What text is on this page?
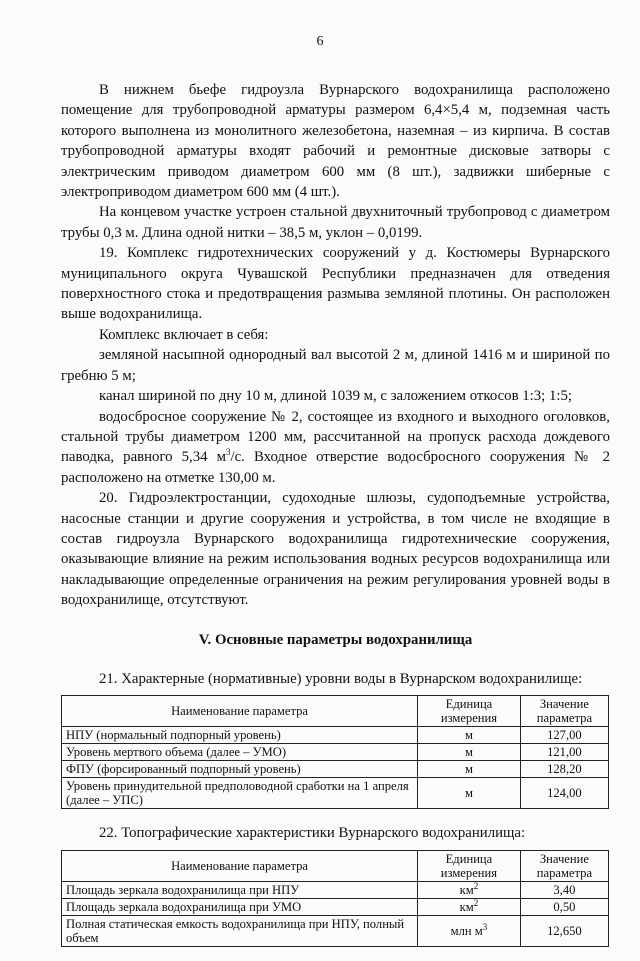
6

В нижнем бьефе гидроузла Вурнарского водохранилища расположено помещение для трубопроводной арматуры размером 6,4×5,4 м, подземная часть которого выполнена из монолитного железобетона, наземная – из кирпича. В состав трубопроводной арматуры входят рабочий и ремонтные дисковые затворы с электрическим приводом диаметром 600 мм (8 шт.), задвижки шиберные с электроприводом диаметром 600 мм (4 шт.).

На концевом участке устроен стальной двухниточный трубопровод с диаметром трубы 0,3 м. Длина одной нитки – 38,5 м, уклон – 0,0199.

19. Комплекс гидротехнических сооружений у д. Костюмеры Вурнарского муниципального округа Чувашской Республики предназначен для отведения поверхностного стока и предотвращения размыва земляной плотины. Он расположен выше водохранилища.

Комплекс включает в себя:

земляной насыпной однородный вал высотой 2 м, длиной 1416 м и шириной по гребню 5 м;

канал шириной по дну 10 м, длиной 1039 м, с заложением откосов 1:3; 1:5;

водосбросное сооружение № 2, состоящее из входного и выходного оголовков, стальной трубы диаметром 1200 мм, рассчитанной на пропуск расхода дождевого паводка, равного 5,34 $м^3/с$. Входное отверстие водосбросного сооружения № 2 расположено на отметке 130,00 м.

20. Гидроэлектростанции, судоходные шлюзы, судоподъемные устройства, насосные станции и другие сооружения и устройства, в том числе не входящие в состав гидроузла Вурнарского водохранилища гидротехнические сооружения, оказывающие влияние на режим использования водных ресурсов водохранилища или накладывающие определенные ограничения на режим регулирования уровней воды в водохранилище, отсутствуют.

V. Основные параметры водохранилища

21. Характерные (нормативные) уровни воды в Вурнарском водохранилище:

Наименование параметра	Единица измерения	Значение параметра
НПУ (нормальный подпорный уровень)	м	127,00
Уровень мертвого объема (далее – УМО)	м	121,00
ФПУ (форсированный подпорный уровень)	м	128,20
Уровень принудительной предполоводной сработки на 1 апреля (далее – УПС)	м	124,00

22. Топографические характеристики Вурнарского водохранилища:

Наименование параметра	Единица измерения	Значение параметра
Площадь зеркала водохранилища при НПУ	$км^2$	3,40
Площадь зеркала водохранилища при УМО	$км^2$	0,50
Полная статическая емкость водохранилища при НПУ, полный объем	млн $м^3$	12,650
